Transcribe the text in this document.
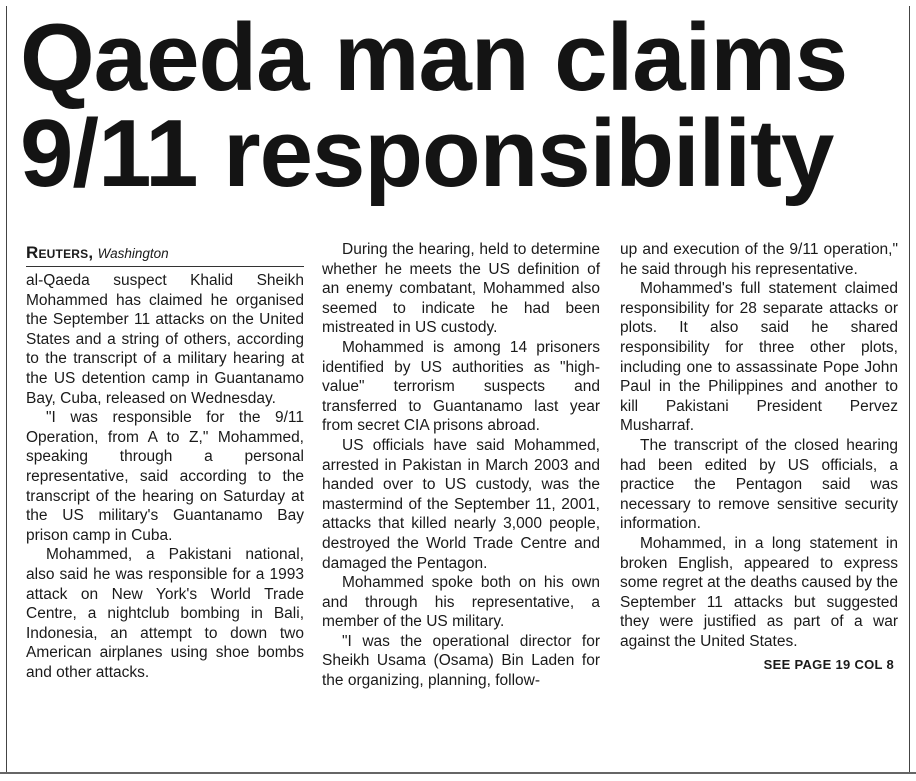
Qaeda man claims
9/11 responsibility
Reuters, Washington

al-Qaeda suspect Khalid Sheikh Mohammed has claimed he organised the September 11 attacks on the United States and a string of others, according to the transcript of a military hearing at the US detention camp in Guantanamo Bay, Cuba, released on Wednesday.

"I was responsible for the 9/11 Operation, from A to Z," Mohammed, speaking through a personal representative, said according to the transcript of the hearing on Saturday at the US military's Guantanamo Bay prison camp in Cuba.

Mohammed, a Pakistani national, also said he was responsible for a 1993 attack on New York's World Trade Centre, a nightclub bombing in Bali, Indonesia, an attempt to down two American airplanes using shoe bombs and other attacks.

During the hearing, held to determine whether he meets the US definition of an enemy combatant, Mohammed also seemed to indicate he had been mistreated in US custody.

Mohammed is among 14 prisoners identified by US authorities as "high-value" terrorism suspects and transferred to Guantanamo last year from secret CIA prisons abroad.

US officials have said Mohammed, arrested in Pakistan in March 2003 and handed over to US custody, was the mastermind of the September 11, 2001, attacks that killed nearly 3,000 people, destroyed the World Trade Centre and damaged the Pentagon.

Mohammed spoke both on his own and through his representative, a member of the US military.

"I was the operational director for Sheikh Usama (Osama) Bin Laden for the organizing, planning, follow-

up and execution of the 9/11 operation," he said through his representative.

Mohammed's full statement claimed responsibility for 28 separate attacks or plots. It also said he shared responsibility for three other plots, including one to assassinate Pope John Paul in the Philippines and another to kill Pakistani President Pervez Musharraf.

The transcript of the closed hearing had been edited by US officials, a practice the Pentagon said was necessary to remove sensitive security information.

Mohammed, in a long statement in broken English, appeared to express some regret at the deaths caused by the September 11 attacks but suggested they were justified as part of a war against the United States.

SEE PAGE 19 COL 8
